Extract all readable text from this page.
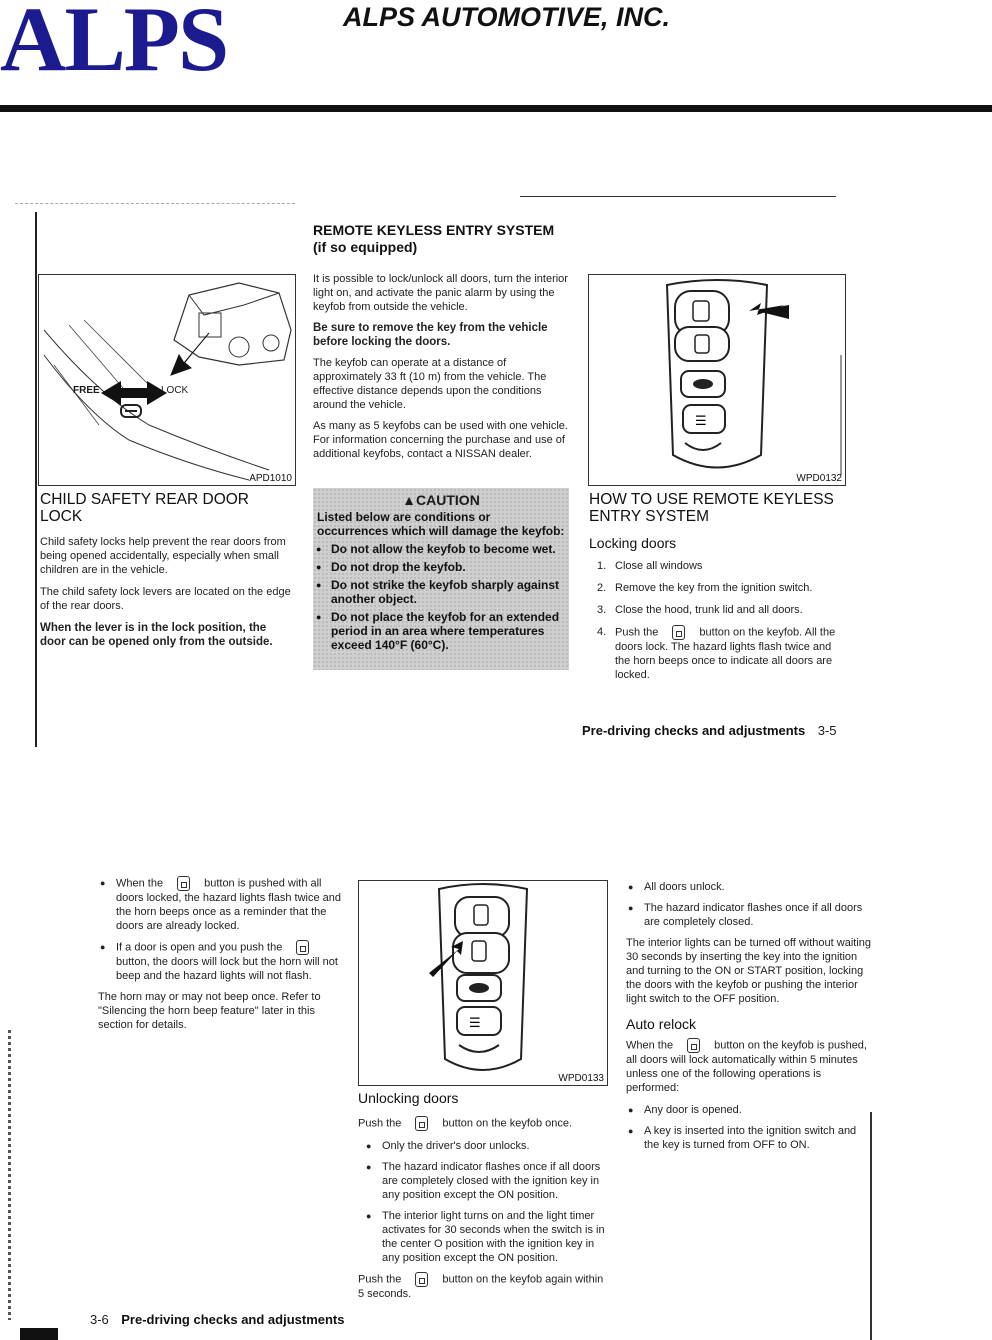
ALPS	ALPS AUTOMOTIVE, INC.
FREE	LOCK
APD1010
CHILD SAFETY REAR DOOR LOCK

Child safety locks help prevent the rear doors from being opened accidentally, especially when small children are in the vehicle.

The child safety lock levers are located on the edge of the rear doors.

When the lever is in the lock position, the door can be opened only from the outside.

REMOTE KEYLESS ENTRY SYSTEM
(if so equipped)

It is possible to lock/unlock all doors, turn the interior light on, and activate the panic alarm by using the keyfob from outside the vehicle.

Be sure to remove the key from the vehicle before locking the doors.

The keyfob can operate at a distance of approximately 33 ft (10 m) from the vehicle. The effective distance depends upon the conditions around the vehicle.

As many as 5 keyfobs can be used with one vehicle. For information concerning the purchase and use of additional keyfobs, contact a NISSAN dealer.

▲CAUTION
Listed below are conditions or occurrences which will damage the keyfob:
● Do not allow the keyfob to become wet.
● Do not drop the keyfob.
● Do not strike the keyfob sharply against another object.
● Do not place the keyfob for an extended period in an area where temperatures exceed 140°F (60°C).
☰
WPD0132
HOW TO USE REMOTE KEYLESS
ENTRY SYSTEM
Locking doors
1. Close all windows
2. Remove the key from the ignition switch.
3. Close the hood, trunk lid and all doors.
4. Push the	button on the keyfob. All the doors lock. The hazard lights flash twice and the horn beeps once to indicate all doors are locked.
Pre-driving checks and adjustments 3-5
● When the	button is pushed with all doors locked, the hazard lights flash twice and the horn beeps once as a reminder that the doors are already locked.
● If a door is open and you push thebutton, the doors will lock but the horn will not beep and the hazard lights will not flash.

The horn may or may not beep once. Refer to "Silencing the horn beep feature" later in this section for details.	☰
WPD0133
Unlocking doors

Push the	button on the keyfob once.

● Only the driver's door unlocks.
● The hazard indicator flashes once if all doors are completely closed with the ignition key in any position except the ON position.
● The interior light turns on and the light timer activates for 30 seconds when the switch is in the center O position with the ignition key in any position except the ON position.

Push the	button on the keyfob again within 5 seconds.

● All doors unlock.
● The hazard indicator flashes once if all doors are completely closed.

The interior lights can be turned off without waiting 30 seconds by inserting the key into the ignition and turning to the ON or START position, locking the doors with the keyfob or pushing the interior light switch to the OFF position.

Auto relock

When the	button on the keyfob is pushed, all doors will lock automatically within 5 minutes unless one of the following operations is performed:

● Any door is opened.
● A key is inserted into the ignition switch and the key is turned from OFF to ON.
3-6 Pre-driving checks and adjustments
